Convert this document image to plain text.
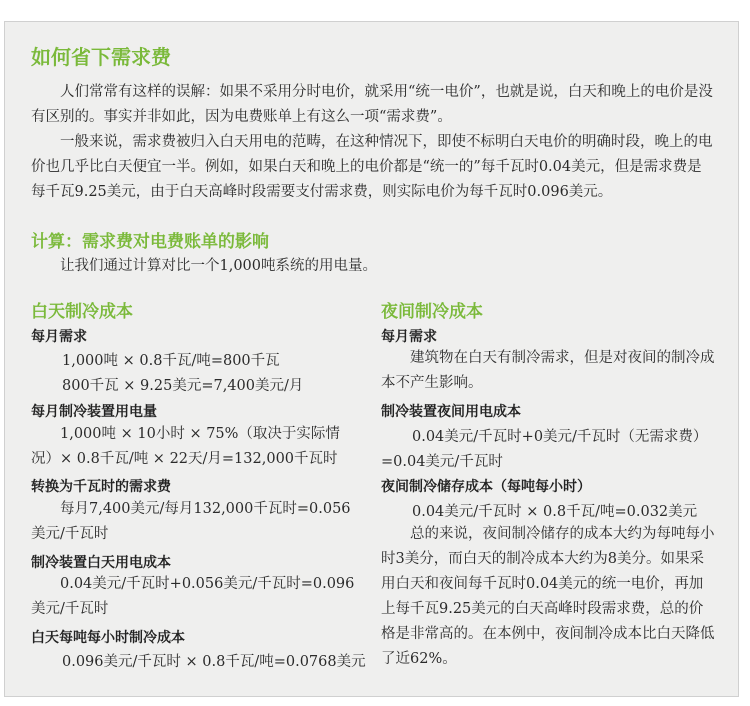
如何省下需求费

人们常常有这样的误解：如果不采用分时电价，就采用“统一电价”，也就是说，白天和晚上的电价是没有区别的。事实并非如此，因为电费账单上有这么一项“需求费”。

一般来说，需求费被归入白天用电的范畴，在这种情况下，即使不标明白天电价的明确时段，晚上的电价也几乎比白天便宜一半。例如，如果白天和晚上的电价都是“统一的”每千瓦时0.04美元，但是需求费是每千瓦9.25美元，由于白天高峰时段需要支付需求费，则实际电价为每千瓦时0.096美元。

计算：需求费对电费账单的影响

让我们通过计算对比一个1,000吨系统的用电量。

白天制冷成本
每月需求
1,000吨 × 0.8千瓦/吨=800千瓦
800千瓦 × 9.25美元=7,400美元/月
每月制冷装置用电量

1,000吨 × 10小时 × 75%（取决于实际情况）× 0.8千瓦/吨 × 22天/月=132,000千瓦时

转换为千瓦时的需求费

每月7,400美元/每月132,000千瓦时=0.056美元/千瓦时

制冷装置白天用电成本

0.04美元/千瓦时+0.056美元/千瓦时=0.096美元/千瓦时

白天每吨每小时制冷成本
0.096美元/千瓦时 × 0.8千瓦/吨=0.0768美元
夜间制冷成本
每月需求

建筑物在白天有制冷需求，但是对夜间的制冷成本不产生影响。

制冷装置夜间用电成本
0.04美元/千瓦时+0美元/千瓦时（无需求费）
=0.04美元/千瓦时
夜间制冷储存成本（每吨每小时）
0.04美元/千瓦时 × 0.8千瓦/吨=0.032美元

总的来说，夜间制冷储存的成本大约为每吨每小时3美分，而白天的制冷成本大约为8美分。如果采用白天和夜间每千瓦时0.04美元的统一电价，再加上每千瓦9.25美元的白天高峰时段需求费，总的价格是非常高的。在本例中，夜间制冷成本比白天降低了近62%。
